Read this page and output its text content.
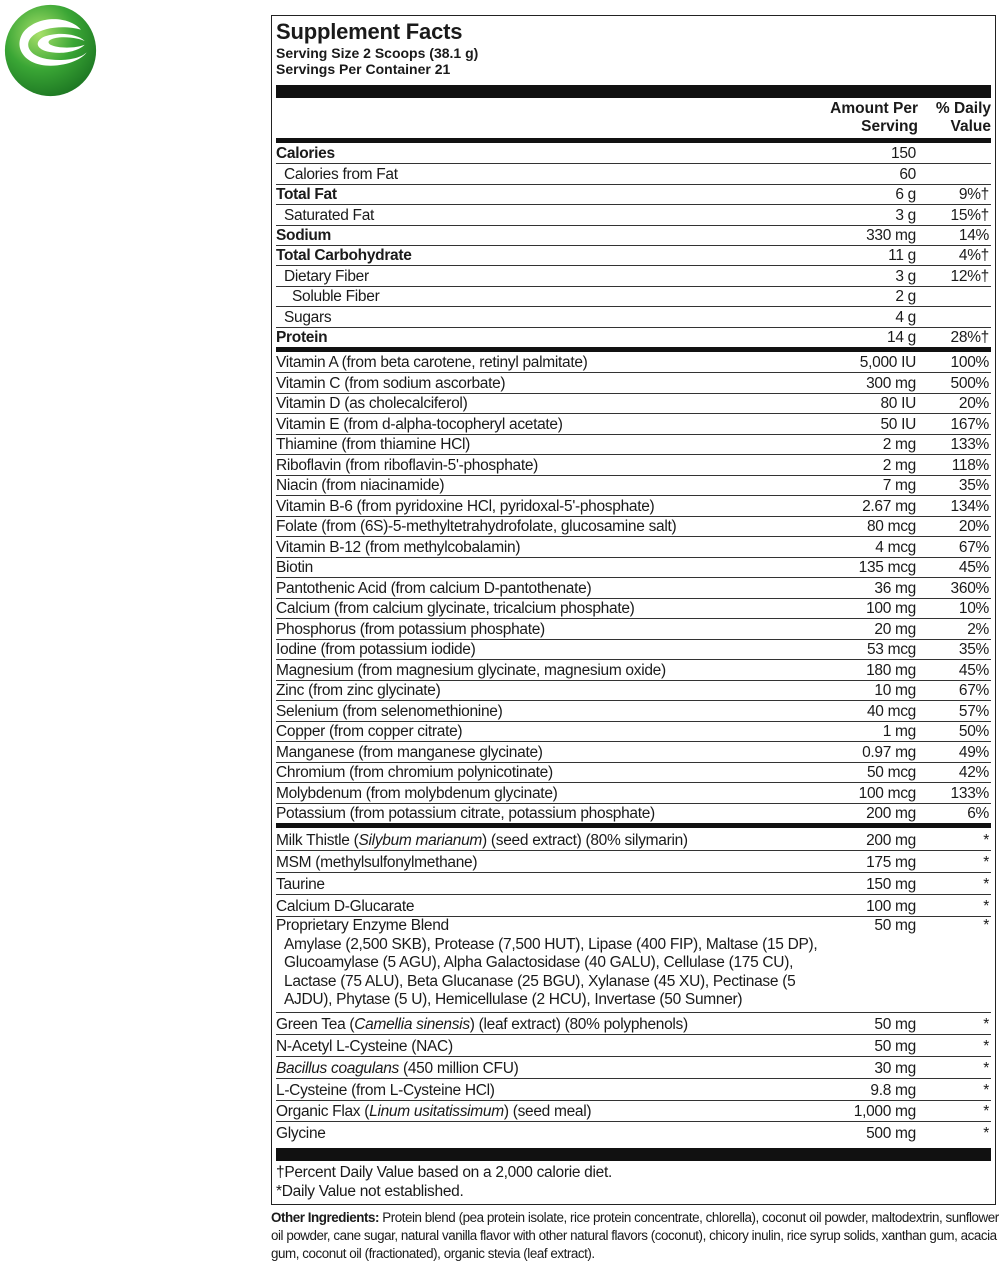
Supplement Facts
Serving Size 2 Scoops (38.1 g)
Servings Per Container 21
Amount Per
Serving
% Daily
Value
Calories	150
Calories from Fat	60
Total Fat	6 g	9%†
Saturated Fat	3 g	15%†
Sodium	330 mg	14%
Total Carbohydrate	11 g	4%†
Dietary Fiber	3 g	12%†
Soluble Fiber	2 g
Sugars	4 g
Protein	14 g	28%†
Vitamin A (from beta carotene, retinyl palmitate)	5,000 IU	100%
Vitamin C (from sodium ascorbate)	300 mg	500%
Vitamin D (as cholecalciferol)	80 IU	20%
Vitamin E (from d-alpha-tocopheryl acetate)	50 IU	167%
Thiamine (from thiamine HCl)	2 mg	133%
Riboflavin (from riboflavin-5'-phosphate)	2 mg	118%
Niacin (from niacinamide)	7 mg	35%
Vitamin B-6 (from pyridoxine HCl, pyridoxal-5'-phosphate)	2.67 mg	134%
Folate (from (6S)-5-methyltetrahydrofolate, glucosamine salt)	80 mcg	20%
Vitamin B-12 (from methylcobalamin)	4 mcg	67%
Biotin	135 mcg	45%
Pantothenic Acid (from calcium D-pantothenate)	36 mg	360%
Calcium (from calcium glycinate, tricalcium phosphate)	100 mg	10%
Phosphorus (from potassium phosphate)	20 mg	2%
Iodine (from potassium iodide)	53 mcg	35%
Magnesium (from magnesium glycinate, magnesium oxide)	180 mg	45%
Zinc (from zinc glycinate)	10 mg	67%
Selenium (from selenomethionine)	40 mcg	57%
Copper (from copper citrate)	1 mg	50%
Manganese (from manganese glycinate)	0.97 mg	49%
Chromium (from chromium polynicotinate)	50 mcg	42%
Molybdenum (from molybdenum glycinate)	100 mcg	133%
Potassium (from potassium citrate, potassium phosphate)	200 mg	6%
Milk Thistle (Silybum marianum) (seed extract) (80% silymarin)	200 mg	*
MSM (methylsulfonylmethane)	175 mg	*
Taurine	150 mg	*
Calcium D-Glucarate	100 mg	*
Proprietary Enzyme Blend	50 mg	*
Amylase (2,500 SKB), Protease (7,500 HUT), Lipase (400 FIP), Maltase (15 DP), Glucoamylase (5 AGU), Alpha Galactosidase (40 GALU), Cellulase (175 CU), Lactase (75 ALU), Beta Glucanase (25 BGU), Xylanase (45 XU), Pectinase (5 AJDU), Phytase (5 U), Hemicellulase (2 HCU), Invertase (50 Sumner)
Green Tea (Camellia sinensis) (leaf extract) (80% polyphenols)	50 mg	*
N-Acetyl L-Cysteine (NAC)	50 mg	*
Bacillus coagulans (450 million CFU)	30 mg	*
L-Cysteine (from L-Cysteine HCl)	9.8 mg	*
Organic Flax (Linum usitatissimum) (seed meal)	1,000 mg	*
Glycine	500 mg	*
†Percent Daily Value based on a 2,000 calorie diet.
*Daily Value not established.
Other Ingredients: Protein blend (pea protein isolate, rice protein concentrate, chlorella), coconut oil powder, maltodextrin, sunflower oil powder, cane sugar, natural vanilla flavor with other natural flavors (coconut), chicory inulin, rice syrup solids, xanthan gum, acacia gum, coconut oil (fractionated), organic stevia (leaf extract).
